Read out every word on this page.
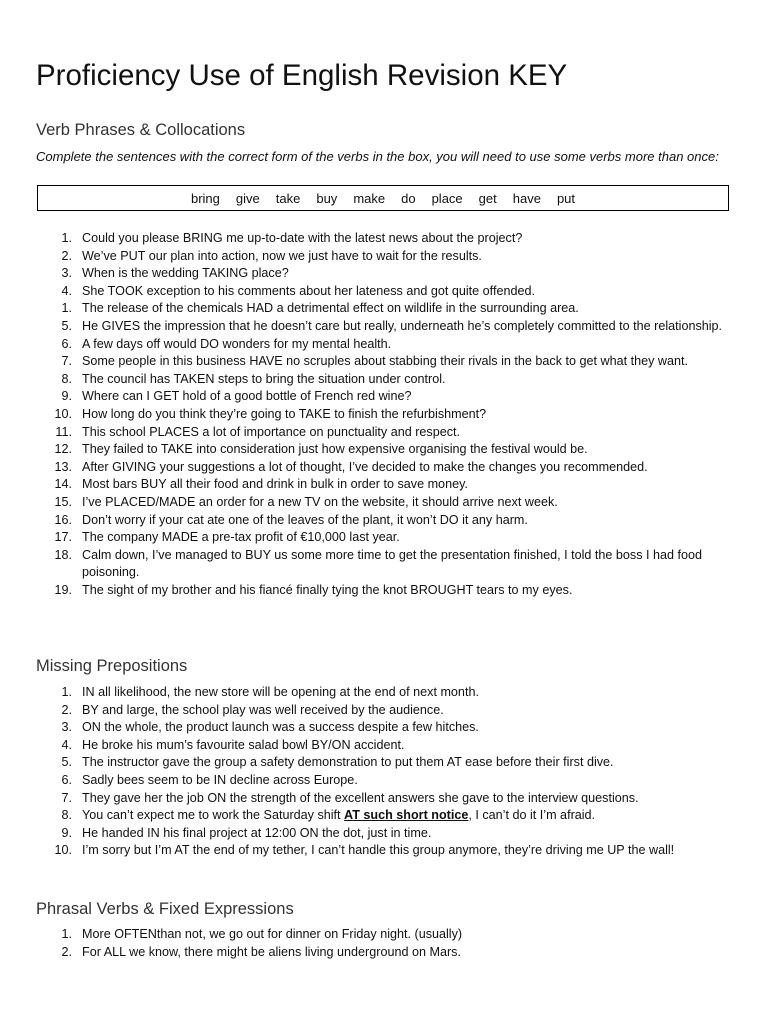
Proficiency Use of English Revision KEY
Verb Phrases & Collocations

Complete the sentences with the correct form of the verbs in the box, you will need to use some verbs more than once:

bring give take buy make do place get have put
1. Could you please BRING me up-to-date with the latest news about the project?
2. We’ve PUT our plan into action, now we just have to wait for the results.
3. When is the wedding TAKING place?
4. She TOOK exception to his comments about her lateness and got quite offended.
1. The release of the chemicals HAD a detrimental effect on wildlife in the surrounding area.
5. He GIVES the impression that he doesn’t care but really, underneath he’s completely committed to the relationship.
6. A few days off would DO wonders for my mental health.
7. Some people in this business HAVE no scruples about stabbing their rivals in the back to get what they want.
8. The council has TAKEN steps to bring the situation under control.
9. Where can I GET hold of a good bottle of French red wine?
10. How long do you think they’re going to TAKE to finish the refurbishment?
11. This school PLACES a lot of importance on punctuality and respect.
12. They failed to TAKE into consideration just how expensive organising the festival would be.
13. After GIVING your suggestions a lot of thought, I’ve decided to make the changes you recommended.
14. Most bars BUY all their food and drink in bulk in order to save money.
15. I’ve PLACED/MADE an order for a new TV on the website, it should arrive next week.
16. Don’t worry if your cat ate one of the leaves of the plant, it won’t DO it any harm.
17. The company MADE a pre-tax profit of €10,000 last year.
18. Calm down, I’ve managed to BUY us some more time to get the presentation finished, I told the boss I had food poisoning.
19. The sight of my brother and his fiancé finally tying the knot BROUGHT tears to my eyes.
Missing Prepositions
1. IN all likelihood, the new store will be opening at the end of next month.
2. BY and large, the school play was well received by the audience.
3. ON the whole, the product launch was a success despite a few hitches.
4. He broke his mum’s favourite salad bowl BY/ON accident.
5. The instructor gave the group a safety demonstration to put them AT ease before their first dive.
6. Sadly bees seem to be IN decline across Europe.
7. They gave her the job ON the strength of the excellent answers she gave to the interview questions.
8. You can’t expect me to work the Saturday shift AT such short notice, I can’t do it I’m afraid.
9. He handed IN his final project at 12:00 ON the dot, just in time.
10. I’m sorry but I’m AT the end of my tether, I can’t handle this group anymore, they’re driving me UP the wall!
Phrasal Verbs & Fixed Expressions
1. More OFTENthan not, we go out for dinner on Friday night. (usually)
2. For ALL we know, there might be aliens living underground on Mars.
